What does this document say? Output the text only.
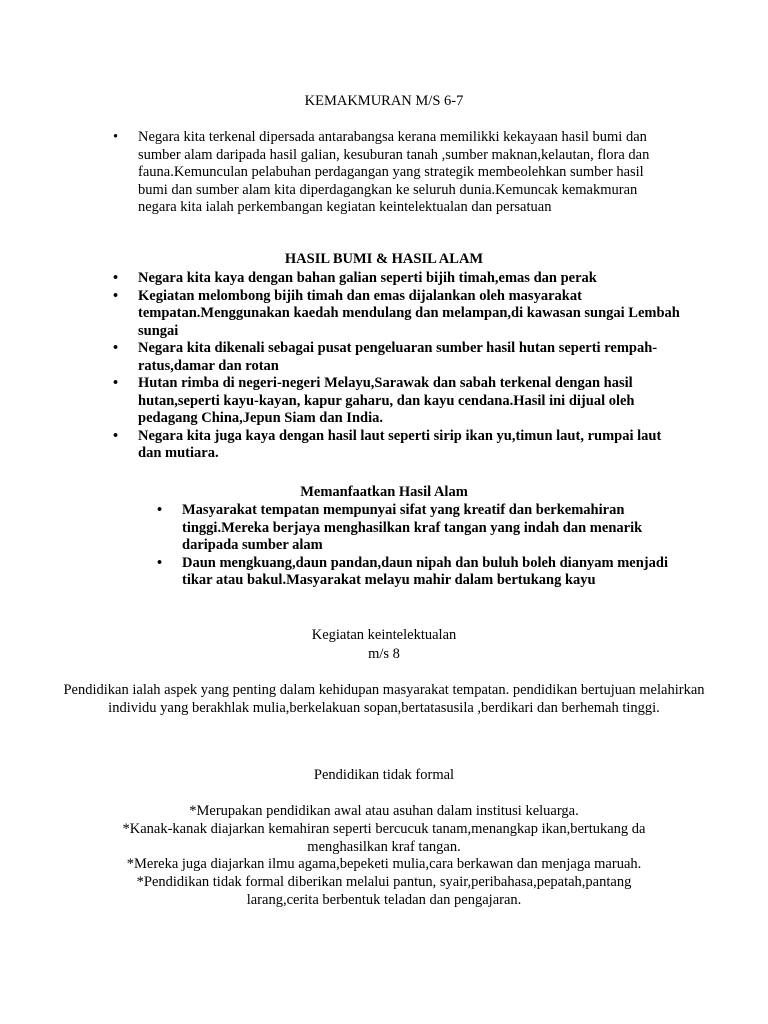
KEMAKMURAN M/S 6-7
• Negara kita terkenal dipersada antarabangsa kerana memilikki kekayaan hasil bumi dan sumber alam daripada hasil galian, kesuburan tanah ,sumber maknan,kelautan, flora dan fauna.Kemunculan pelabuhan perdagangan yang strategik membeolehkan sumber hasil bumi dan sumber alam kita diperdagangkan ke seluruh dunia.Kemuncak kemakmuran negara kita ialah perkembangan kegiatan keintelektualan dan persatuan
HASIL BUMI & HASIL ALAM
• Negara kita kaya dengan bahan galian seperti bijih timah,emas dan perak
• Kegiatan melombong bijih timah dan emas dijalankan oleh masyarakat tempatan.Menggunakan kaedah mendulang dan melampan,di kawasan sungai Lembah sungai
• Negara kita dikenali sebagai pusat pengeluaran sumber hasil hutan seperti rempah-ratus,damar dan rotan
• Hutan rimba di negeri-negeri Melayu,Sarawak dan sabah terkenal dengan hasil hutan,seperti kayu-kayan, kapur gaharu, dan kayu cendana.Hasil ini dijual oleh pedagang China,Jepun Siam dan India.
• Negara kita juga kaya dengan hasil laut seperti sirip ikan yu,timun laut, rumpai laut dan mutiara.
Memanfaatkan Hasil Alam
• Masyarakat tempatan mempunyai sifat yang kreatif dan berkemahiran tinggi.Mereka berjaya menghasilkan kraf tangan yang indah dan menarik daripada sumber alam
• Daun mengkuang,daun pandan,daun nipah dan buluh boleh dianyam menjadi tikar atau bakul.Masyarakat melayu mahir dalam bertukang kayu
Kegiatan keintelektualan
m/s 8
Pendidikan ialah aspek yang penting dalam kehidupan masyarakat tempatan. pendidikan bertujuan melahirkan individu yang berakhlak mulia,berkelakuan sopan,bertatasusila ,berdikari dan berhemah tinggi.
Pendidikan tidak formal
*Merupakan pendidikan awal atau asuhan dalam institusi keluarga.
*Kanak-kanak diajarkan kemahiran seperti bercucuk tanam,menangkap ikan,bertukang da menghasilkan kraf tangan.
*Mereka juga diajarkan ilmu agama,bepeketi mulia,cara berkawan dan menjaga maruah.
*Pendidikan tidak formal diberikan melalui pantun, syair,peribahasa,pepatah,pantang larang,cerita berbentuk teladan dan pengajaran.
